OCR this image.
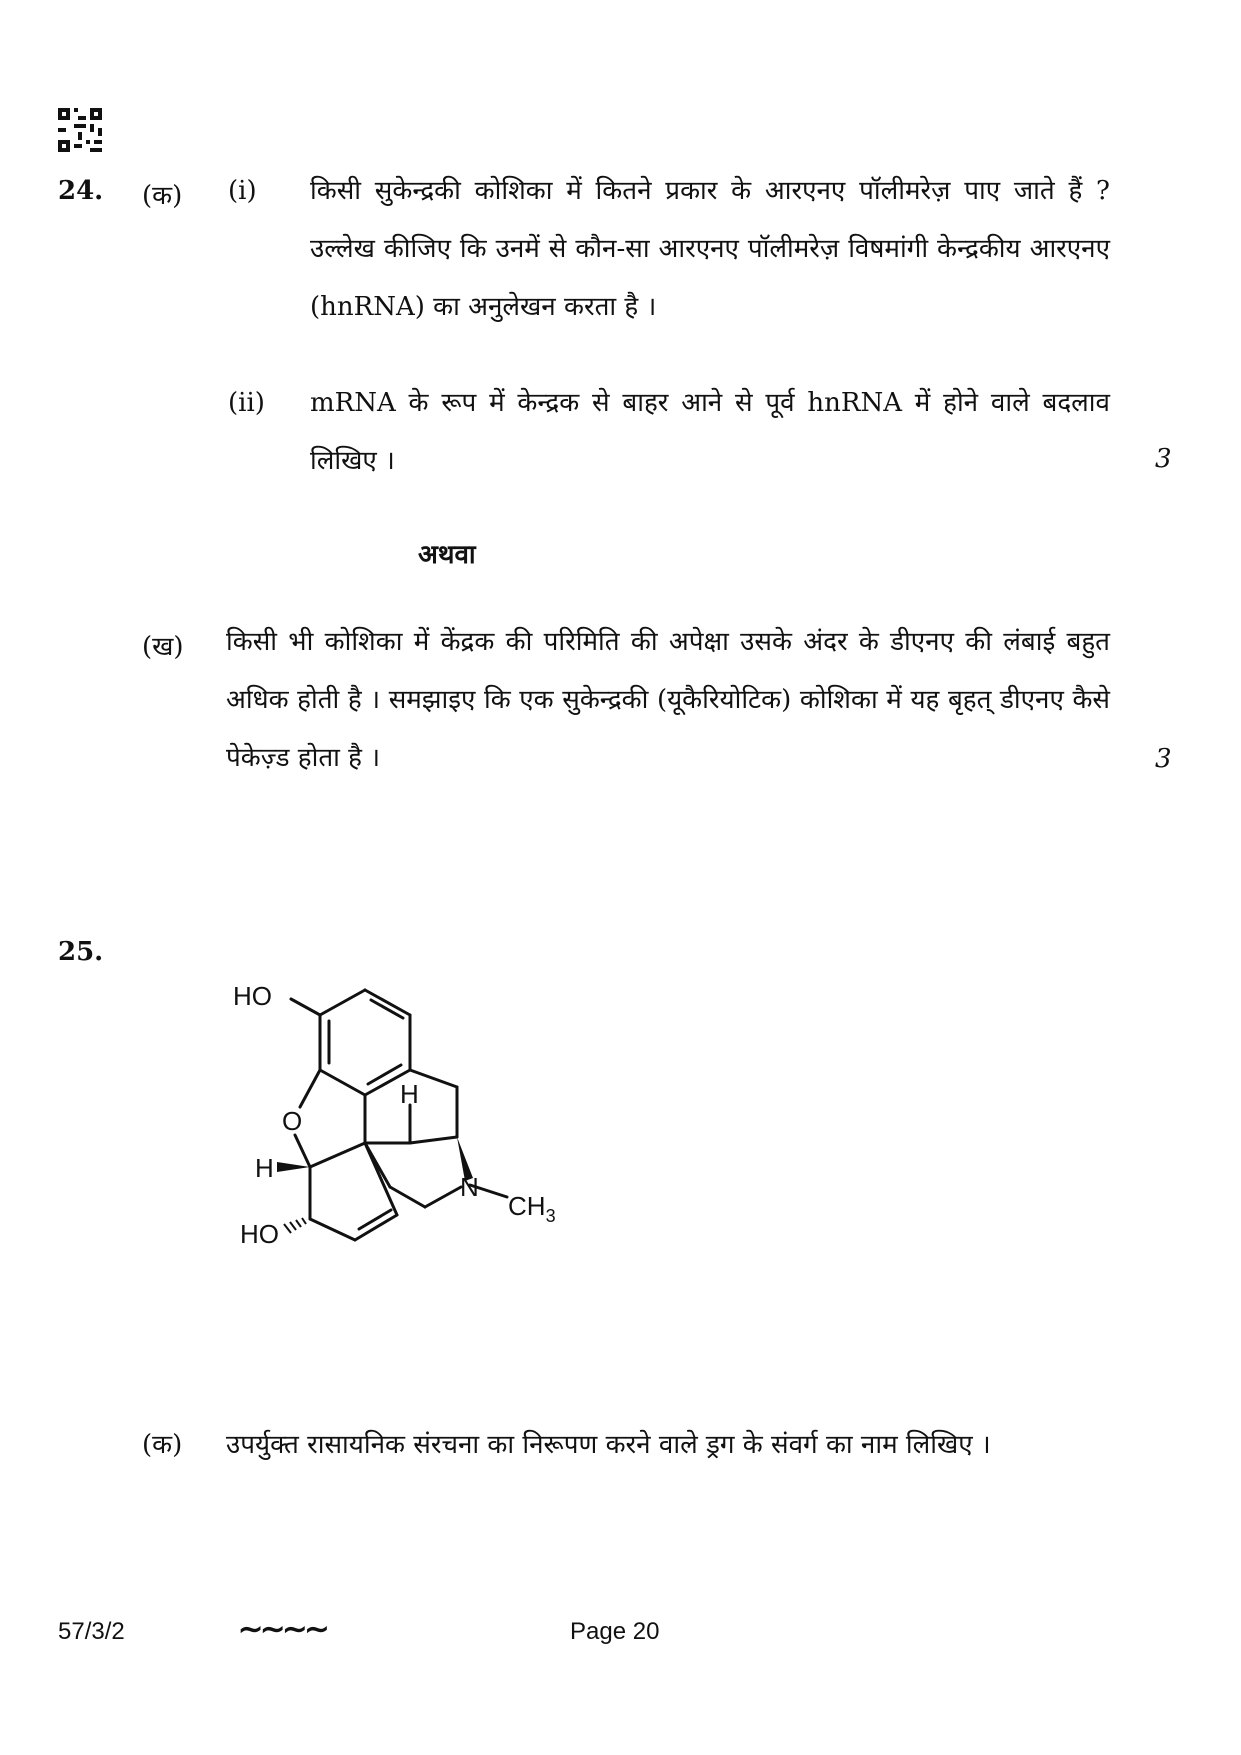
24. (क) (i) किसी सुकेन्द्रकी कोशिका में कितने प्रकार के आरएनए पॉलीमरेज़ पाए जाते हैं ? उल्लेख कीजिए कि उनमें से कौन-सा आरएनए पॉलीमरेज़ विषमांगी केन्द्रकीय आरएनए (hnRNA) का अनुलेखन करता है ।
(ii) mRNA के रूप में केन्द्रक से बाहर आने से पूर्व hnRNA में होने वाले बदलाव लिखिए ।	3
अथवा
(ख) किसी भी कोशिका में केंद्रक की परिमिति की अपेक्षा उसके अंदर के डीएनए की लंबाई बहुत अधिक होती है । समझाइए कि एक सुकेन्द्रकी (यूकैरियोटिक) कोशिका में यह बृहत् डीएनए कैसे पेकेज़्ड होता है ।	3
25.
HO
O
H
H
N
$CH_3$
HO
(क) उपर्युक्त रासायनिक संरचना का निरूपण करने वाले ड्रग के संवर्ग का नाम लिखिए ।
57/3/2	∼∼∼∼	Page 20
